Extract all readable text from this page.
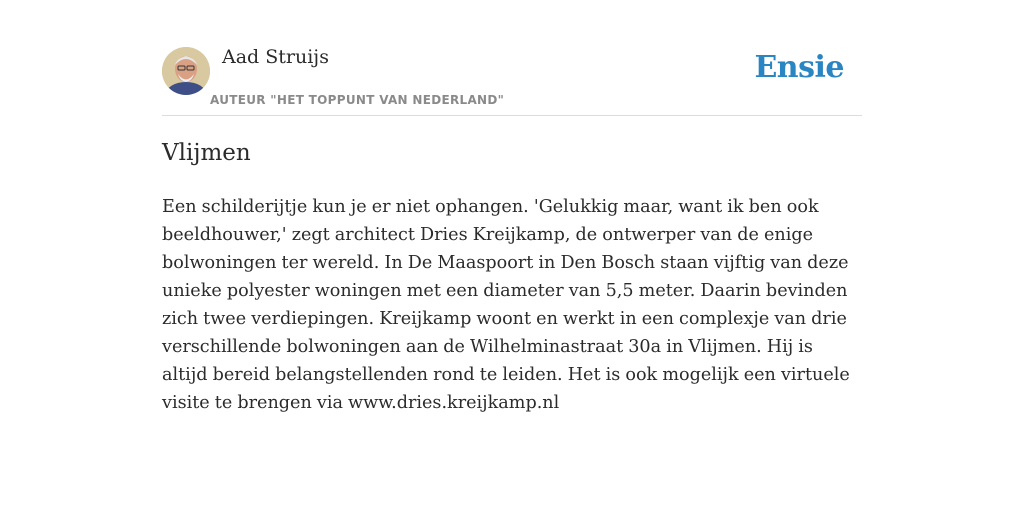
Aad Struijs
AUTEUR "HET TOPPUNT VAN NEDERLAND"
Ensie
Vlijmen

Een schilderijtje kun je er niet ophangen. 'Gelukkig maar, want ik ben ook beeldhouwer,' zegt architect Dries Kreijkamp, de ontwerper van de enige bolwoningen ter wereld. In De Maaspoort in Den Bosch staan vijftig van deze unieke polyester woningen met een diameter van 5,5 meter. Daarin bevinden zich twee verdiepingen. Kreijkamp woont en werkt in een complexje van drie verschillende bolwoningen aan de Wilhelminastraat 30a in Vlijmen. Hij is altijd bereid belangstellenden rond te leiden. Het is ook mogelijk een virtuele visite te brengen via www.dries.kreijkamp.nl
